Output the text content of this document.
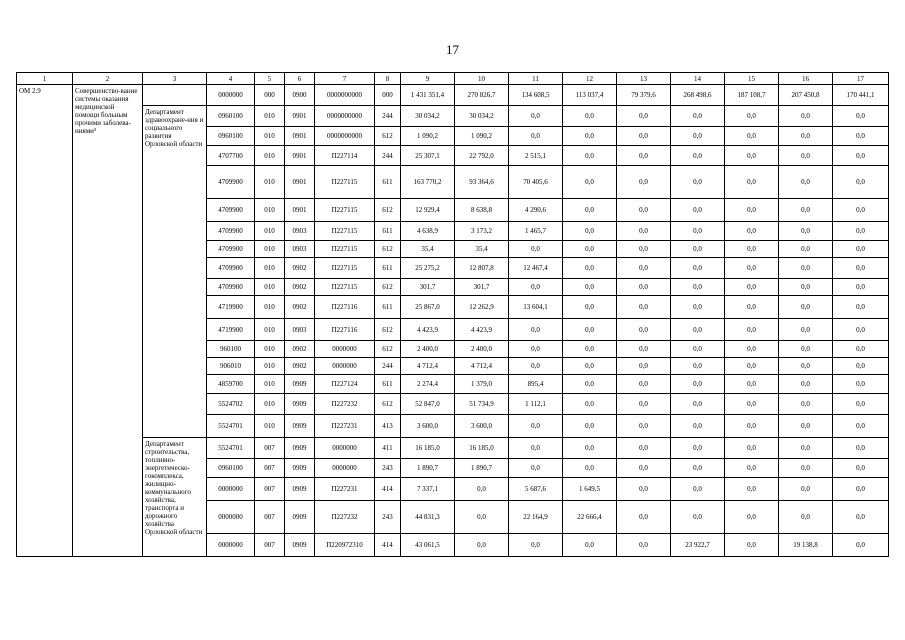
17
1	2	3	4	5	6	7	8	9	10	11	12	13	14	15	16	17
ОМ 2.9	Совершенство-вание системы оказания медицинской помощи больным прочими заболева-ниями³		0000000	000	0900	0000000000	000	1 431 351,4	270 826,7	134 608,5	113 037,4	79 379,6	268 498,6	187 108,7	207 450,8	170 441,1
		Департамент здравоохране-ния и социального развития Орловской области	0960100	010	0901	0000000000	244	30 034,2	30 034,2	0,0	0,0	0,0	0,0	0,0	0,0	0,0
			0960100	010	0901	0000000000	612	1 090,2	1 090,2	0,0	0,0	0,0	0,0	0,0	0,0	0,0
			4707700	010	0901	П227114	244	25 307,1	22 792,0	2 515,1	0,0	0,0	0,0	0,0	0,0	0,0
			4709900	010	0901	П227115	611	163 770,2	93 364,6	70 405,6	0,0	0,0	0,0	0,0	0,0	0,0
			4709900	010	0901	П227115	612	12 929,4	8 638,8	4 290,6	0,0	0,0	0,0	0,0	0,0	0,0
			4709900	010	0903	П227115	611	4 638,9	3 173,2	1 465,7	0,0	0,0	0,0	0,0	0,0	0,0
			4709900	010	0903	П227115	612	35,4	35,4	0,0	0,0	0,0	0,0	0,0	0,0	0,0
			4709900	010	0902	П227115	611	25 275,2	12 807,8	12 467,4	0,0	0,0	0,0	0,0	0,0	0,0
			4709900	010	0902	П227115	612	301,7	301,7	0,0	0,0	0,0	0,0	0,0	0,0	0,0
			4719900	010	0902	П227116	611	25 867,0	12 262,9	13 604,1	0,0	0,0	0,0	0,0	0,0	0,0
			4719900	010	0903	П227116	612	4 423,9	4 423,9	0,0	0,0	0,0	0,0	0,0	0,0	0,0
			960100	010	0902	0000000	612	2 400,0	2 400,0	0,0	0,0	0,0	0,0	0,0	0,0	0,0
			906010	010	0902	0000000	244	4 712,4	4 712,4	0,0	0,0	0,0	0,0	0,0	0,0	0,0
			4859700	010	0909	П227124	611	2 274,4	1 379,0	895,4	0,0	0,0	0,0	0,0	0,0	0,0
			5524702	010	0909	П227232	612	52 847,0	51 734,9	1 112,1	0,0	0,0	0,0	0,0	0,0	0,0
			5524701	010	0909	П227231	413	3 600,0	3 600,0	0,0	0,0	0,0	0,0	0,0	0,0	0,0
		Департамент строительства, топливно-энергетическо-гокомплекса, жилищно-коммунального хозяйства, транспорта и дорожного хозяйства Орловской области	5524701	007	0909	0000000	411	16 185,0	16 185,0	0,0	0,0	0,0	0,0	0,0	0,0	0,0
			0960100	007	0909	0000000	243	1 890,7	1 890,7	0,0	0,0	0,0	0,0	0,0	0,0	0,0
			0000000	007	0909	П227231	414	7 337,1	0,0	5 687,6	1 649,5	0,0	0,0	0,0	0,0	0,0
			0000000	007	0909	П227232	243	44 831,3	0,0	22 164,9	22 666,4	0,0	0,0	0,0	0,0	0,0
			0000000	007	0909	П220972310	414	43 061,5	0,0	0,0	0,0	0,0	23 922,7	0,0	19 138,8	0,0
